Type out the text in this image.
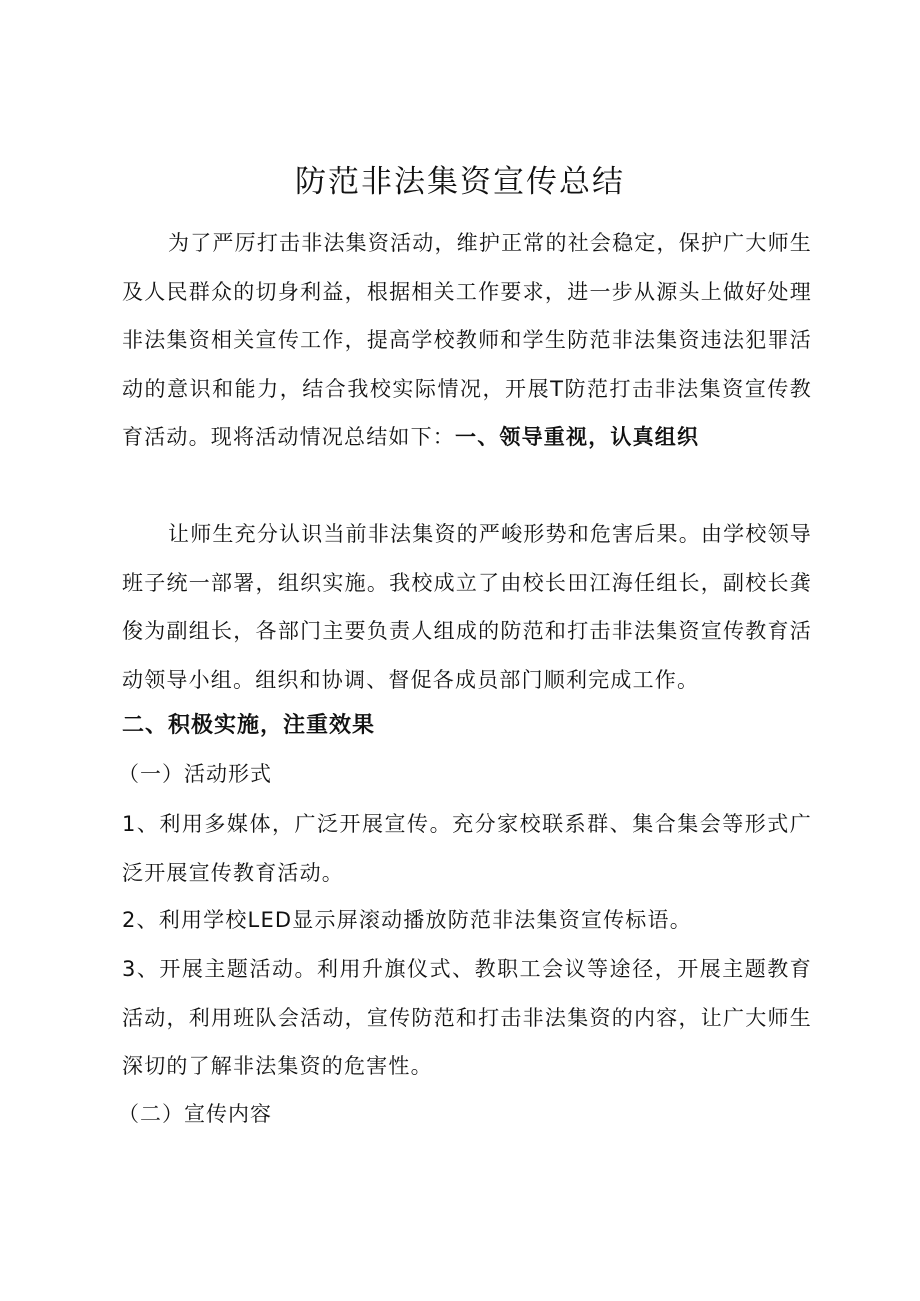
防范非法集资宣传总结

为了严厉打击非法集资活动，维护正常的社会稳定，保护广大师生及人民群众的切身利益，根据相关工作要求，进一步从源头上做好处理非法集资相关宣传工作，提高学校教师和学生防范非法集资违法犯罪活动的意识和能力，结合我校实际情况，开展T防范打击非法集资宣传教育活动。现将活动情况总结如下：一、领导重视，认真组织

让师生充分认识当前非法集资的严峻形势和危害后果。由学校领导班子统一部署，组织实施。我校成立了由校长田江海任组长，副校长龚俊为副组长，各部门主要负责人组成的防范和打击非法集资宣传教育活动领导小组。组织和协调、督促各成员部门顺利完成工作。

二、积极实施，注重效果

（一）活动形式

1、利用多媒体，广泛开展宣传。充分家校联系群、集合集会等形式广泛开展宣传教育活动。

2、利用学校LED显示屏滚动播放防范非法集资宣传标语。

3、开展主题活动。利用升旗仪式、教职工会议等途径，开展主题教育活动，利用班队会活动，宣传防范和打击非法集资的内容，让广大师生深切的了解非法集资的危害性。

（二）宣传内容
